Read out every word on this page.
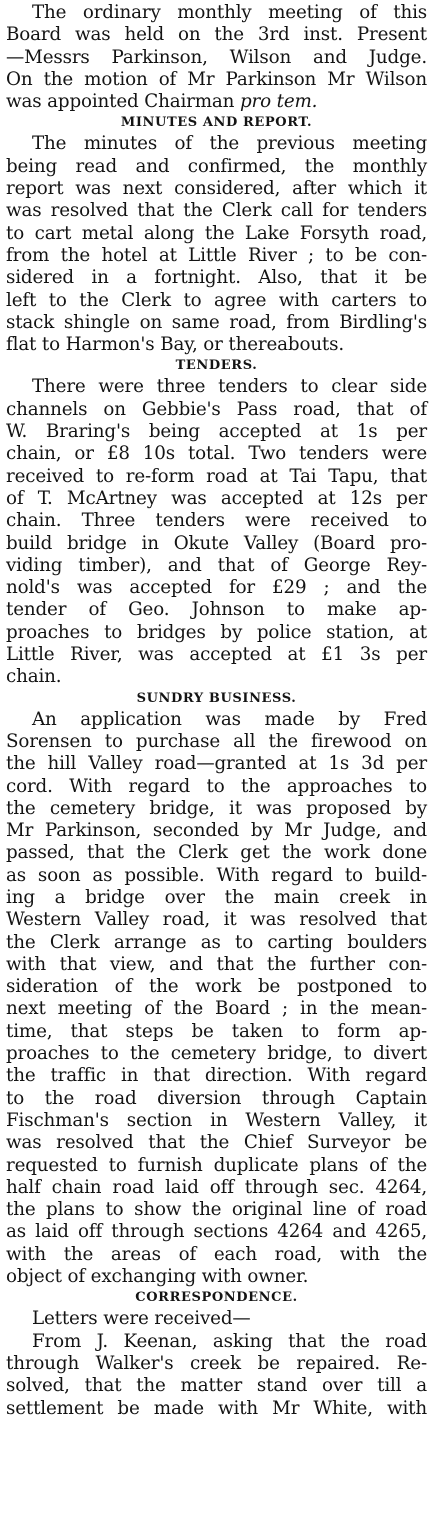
The ordinary monthly meeting of this
Board was held on the 3rd inst. Present
—Messrs Parkinson, Wilson and Judge.
On the motion of Mr Parkinson Mr Wilson
was appointed Chairman pro tem.

MINUTES AND REPORT.

The minutes of the previous meeting
being read and confirmed, the monthly
report was next considered, after which it
was resolved that the Clerk call for tenders
to cart metal along the Lake Forsyth road,
from the hotel at Little River ; to be con-
sidered in a fortnight. Also, that it be
left to the Clerk to agree with carters to
stack shingle on same road, from Birdling's
flat to Harmon's Bay, or thereabouts.

TENDERS.

There were three tenders to clear side
channels on Gebbie's Pass road, that of
W. Braring's being accepted at 1s per
chain, or £8 10s total. Two tenders were
received to re-form road at Tai Tapu, that
of T. McArtney was accepted at 12s per
chain. Three tenders were received to
build bridge in Okute Valley (Board pro-
viding timber), and that of George Rey-
nold's was accepted for £29 ; and the
tender of Geo. Johnson to make ap-
proaches to bridges by police station, at
Little River, was accepted at £1 3s per
chain.

SUNDRY BUSINESS.

An application was made by Fred
Sorensen to purchase all the firewood on
the hill Valley road—granted at 1s 3d per
cord. With regard to the approaches to
the cemetery bridge, it was proposed by
Mr Parkinson, seconded by Mr Judge, and
passed, that the Clerk get the work done
as soon as possible. With regard to build-
ing a bridge over the main creek in
Western Valley road, it was resolved that
the Clerk arrange as to carting boulders
with that view, and that the further con-
sideration of the work be postponed to
next meeting of the Board ; in the mean-
time, that steps be taken to form ap-
proaches to the cemetery bridge, to divert
the traffic in that direction. With regard
to the road diversion through Captain
Fischman's section in Western Valley, it
was resolved that the Chief Surveyor be
requested to furnish duplicate plans of the
half chain road laid off through sec. 4264,
the plans to show the original line of road
as laid off through sections 4264 and 4265,
with the areas of each road, with the
object of exchanging with owner.

CORRESPONDENCE.

Letters were received—
From J. Keenan, asking that the road
through Walker's creek be repaired. Re-
solved, that the matter stand over till a
settlement be made with Mr White, with
